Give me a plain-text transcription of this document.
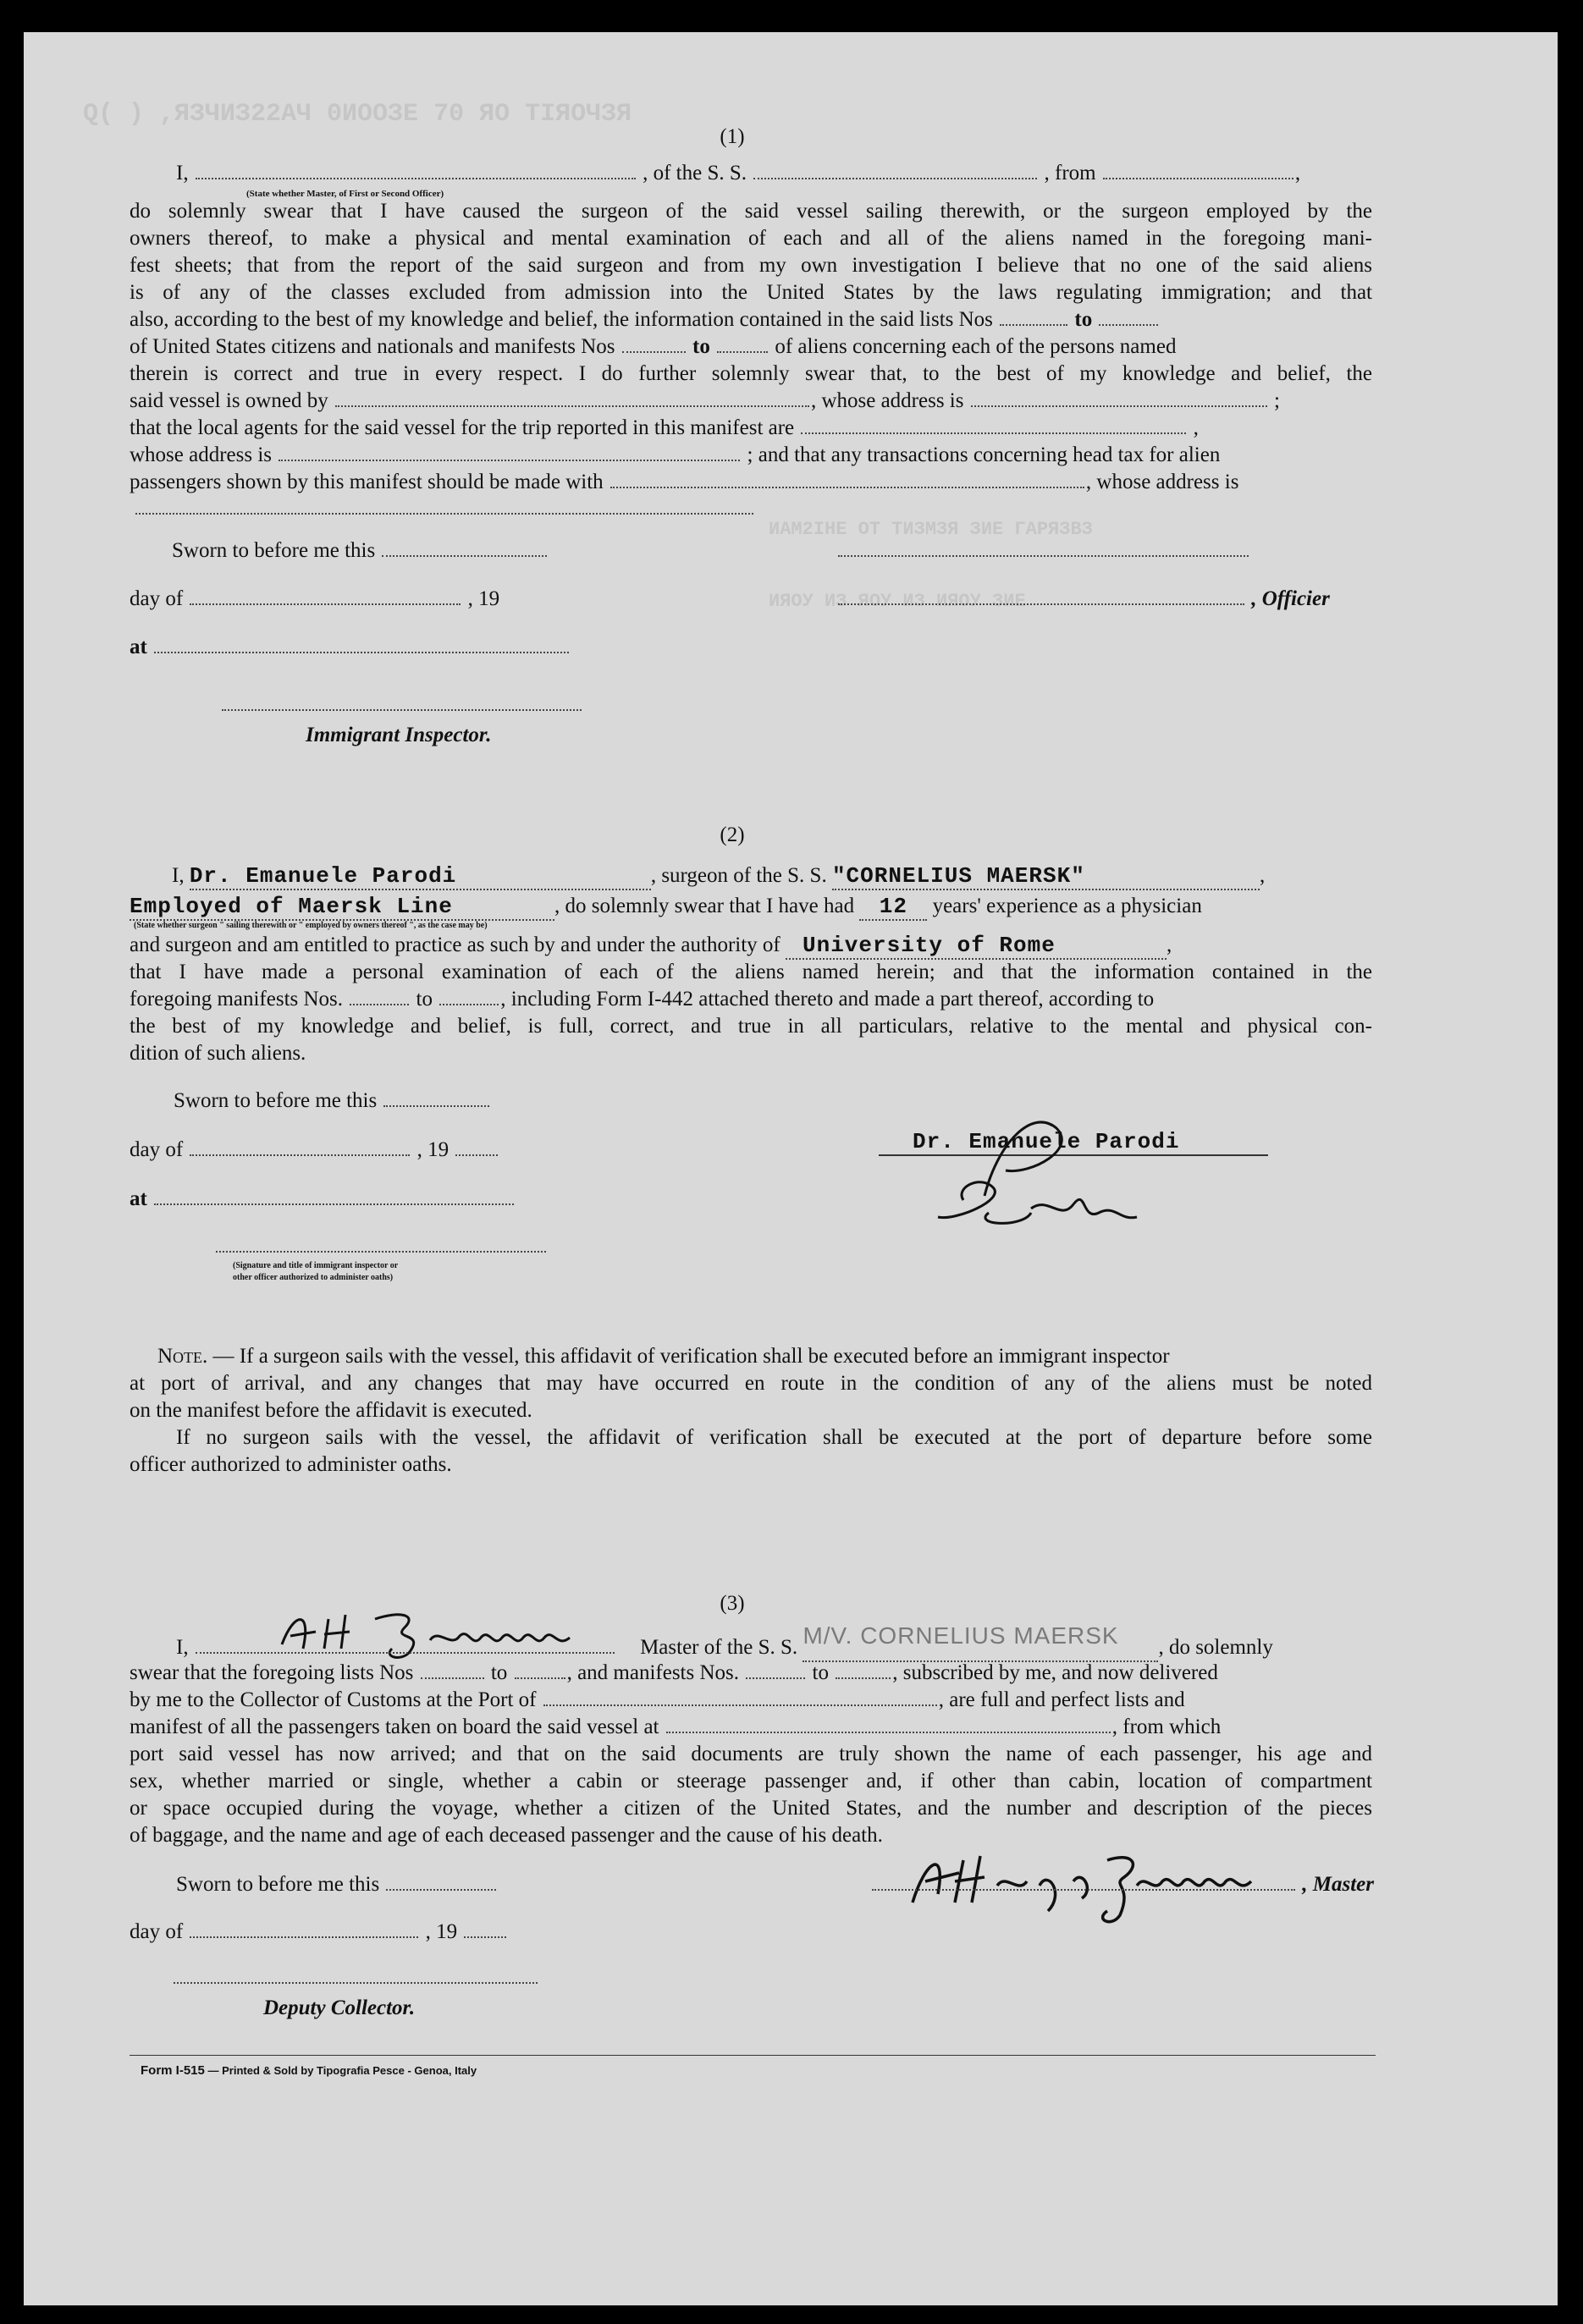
Q( ) ,ЯЗЧИЗ22АЧ 0ИООЗЕ 70 ЯО ТІЯОЧЗЯ
ИАМ2ІНЕ ОТ ТИЗМЗЯ ЗИЕ ГАРЯЗВЗ
ИЯОУ ИЗ ЯОУ ИЗ ИЯОУ ЗИЕ
(1)
I,	, of the S. S.	, from	,
(State whether Master, of First or Second Officer)
do solemnly swear that I have caused the surgeon of the said vessel sailing therewith, or the surgeon employed by the
owners thereof, to make a physical and mental examination of each and all of the aliens named in the foregoing mani-
fest sheets; that from the report of the said surgeon and from my own investigation I believe that no one of the said aliens
is of any of the classes excluded from admission into the United States by the laws regulating immigration; and that
also, according to the best of my knowledge and belief, the information contained in the said lists Nos	to
of United States citizens and nationals and manifests Nos	to	of aliens concerning each of the persons named
therein is correct and true in every respect. I do further solemnly swear that, to the best of my knowledge and belief, the
said vessel is owned by	, whose address is	;
that the local agents for the said vessel for the trip reported in this manifest are	,
whose address is	; and that any transactions concerning head tax for alien
passengers shown by this manifest should be made with	, whose address is
Sworn to before me this
day of	, 19	, Officier
at
Immigrant Inspector.
(2)
I, Dr. Emanuele Parodi	, surgeon of the S. S. "CORNELIUS MAERSK"	,
Employed of Maersk Line	, do solemnly swear that I have had 12 years' experience as a physician
(State whether surgeon " sailing therewith or " employed by owners thereof ", as the case may be)
and surgeon and am entitled to practice as such by and under the authority of University of Rome	,
that I have made a personal examination of each of the aliens named herein; and that the information contained in the
foregoing manifests Nos.	to	, including Form I-442 attached thereto and made a part thereof, according to
the best of my knowledge and belief, is full, correct, and true in all particulars, relative to the mental and physical con-
dition of such aliens.
Sworn to before me this
day of	, 19
at
(Signature and title of immigrant inspector or
other officer authorized to administer oaths)
Dr. Emanuele Parodi
Note. — If a surgeon sails with the vessel, this affidavit of verification shall be executed before an immigrant inspector
at port of arrival, and any changes that may have occurred en route in the condition of any of the aliens must be noted
on the manifest before the affidavit is executed.
If no surgeon sails with the vessel, the affidavit of verification shall be executed at the port of departure before some
officer authorized to administer oaths.
(3)
I,	Master of the S. S. M/V. CORNELIUS MAERSK , do solemnly
swear that the foregoing lists Nos	to	, and manifests Nos.	to	, subscribed by me, and now delivered
by me to the Collector of Customs at the Port of	, are full and perfect lists and
manifest of all the passengers taken on board the said vessel at	, from which
port said vessel has now arrived; and that on the said documents are truly shown the name of each passenger, his age and
sex, whether married or single, whether a cabin or steerage passenger and, if other than cabin, location of compartment
or space occupied during the voyage, whether a citizen of the United States, and the number and description of the pieces
of baggage, and the name and age of each deceased passenger and the cause of his death.
Sworn to before me this	, Master
day of	, 19
Deputy Collector.
Form I-515 — Printed & Sold by Tipografia Pesce - Genoa, Italy
